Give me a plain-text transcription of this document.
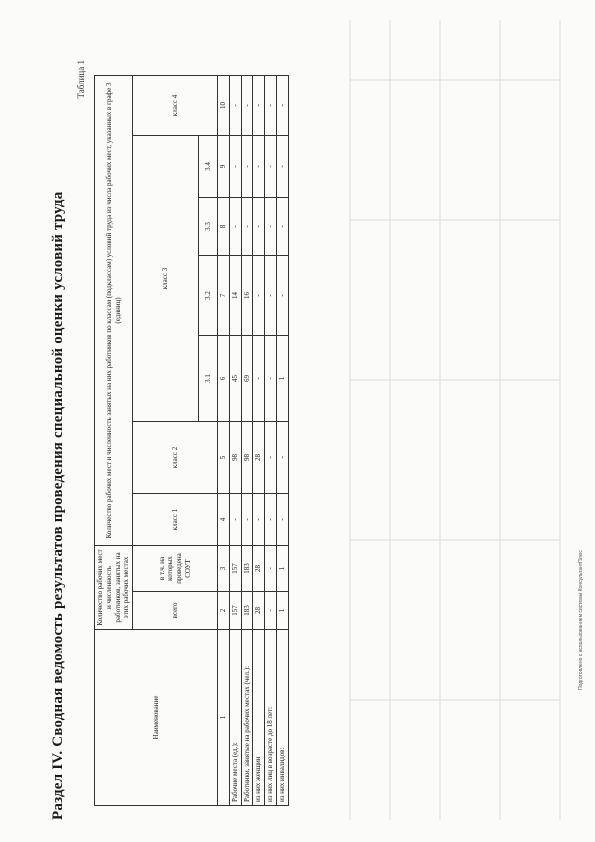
Раздел IV. Сводная ведомость результатов проведения специальной оценки условий труда
Таблица 1
Наименование	Количество рабочих мест и численность работников, занятых на этих рабочих местах		Количество рабочих мест и численность занятых на них работников по классам (подклассам) условий труда из числа рабочих мест, указанных в графе 3 (единиц)						
	всего	в т.ч. на которых проведена СОУТ	класс 1	класс 2	класс 3				класс 4
					3.1	3.2	3.3	3.4	
1	2	3	4	5	6	7	8	9	10
Рабочие места (ед.):	157	157	-	98	45	14	-	-	-
Работники, занятые на рабочих местах (чел.):	183	183	-	98	69	16	-	-	-
из них женщин	28	28	-	28	-	-	-	-	-
из них лиц в возрасте до 18 лет:	-	-	-	-	-	-	-	-	-
из них инвалидов:	1	1	-	-	1	-	-	-	-
Подготовлено с использованием системы КонсультантПлюс
